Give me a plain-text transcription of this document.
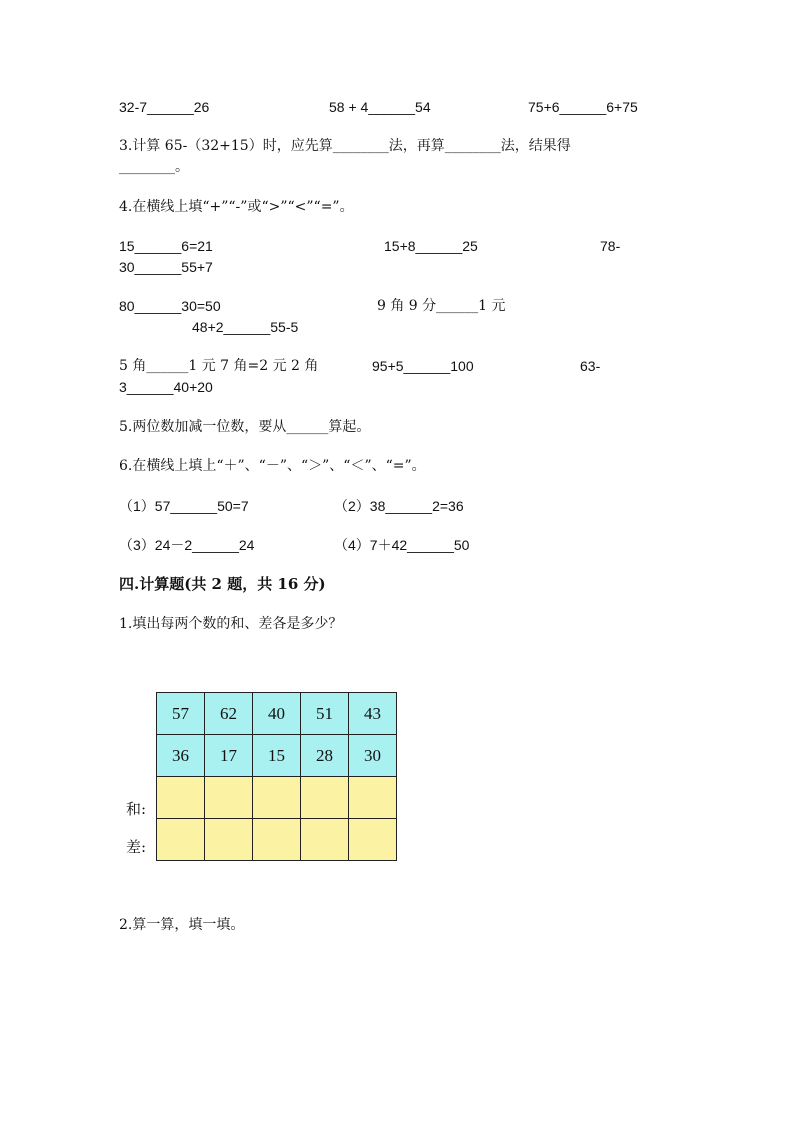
32-7______26	58 + 4______54	75+6______6+75
3.计算 65-（32+15）时，应先算________法，再算________法，结果得
________。
4.在横线上填“+”“-”或“>”“<”“=”。
15______6=21	15+8______25	78-
30______55+7
80______30=50	9 角 9 分______1 元
48+2______55-5
5 角______1 元 7 角=2 元 2 角	95+5______100	63-
3______40+20
5.两位数加减一位数，要从______算起。
6.在横线上填上“＋”、“－”、“＞”、“＜”、“=”。
（1）57______50=7	（2）38______2=36
（3）24－2______24	（4）7＋42______50
四.计算题(共 2 题，共 16 分)
1.填出每两个数的和、差各是多少？
57	62	40	51	43
36	17	15	28	30

和:
差:
2.算一算，填一填。
